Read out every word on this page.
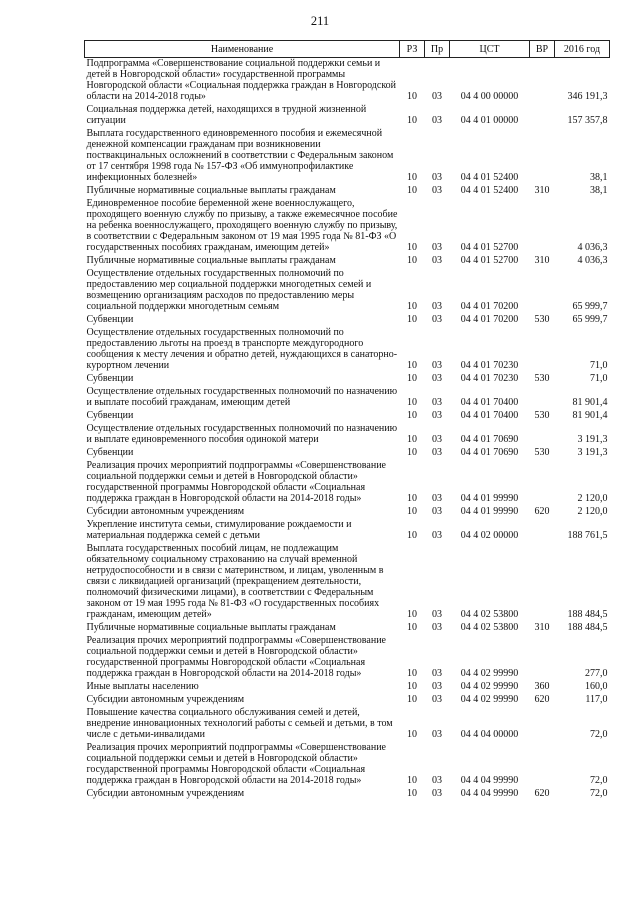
211
Наименование	РЗ	Пр	ЦСТ	ВР	2016 год
Подпрограмма «Совершенствование социальной поддержки семьи и детей в Новгородской области» государственной программы Новгородской области «Социальная поддержка граждан в Новгородской области на 2014-2018 годы»	10	03	04 4 00 00000		346 191,3
Социальная поддержка детей, находящихся в трудной жизненной ситуации	10	03	04 4 01 00000		157 357,8
Выплата государственного единовременного пособия и ежемесячной денежной компенсации гражданам при возникновении поствакцинальных осложнений в соответствии с Федеральным законом от 17 сентября 1998 года № 157-ФЗ «Об иммунопрофилактике инфекционных болезней»	10	03	04 4 01 52400		38,1
Публичные нормативные социальные выплаты гражданам	10	03	04 4 01 52400	310	38,1
Единовременное пособие беременной жене военнослужащего, проходящего военную службу по призыву, а также ежемесячное пособие на ребенка военнослужащего, проходящего военную службу по призыву, в соответствии с Федеральным законом от 19 мая 1995 года № 81-ФЗ «О государственных пособиях гражданам, имеющим детей»	10	03	04 4 01 52700		4 036,3
Публичные нормативные социальные выплаты гражданам	10	03	04 4 01 52700	310	4 036,3
Осуществление отдельных государственных полномочий по предоставлению мер социальной поддержки многодетных семей и возмещению организациям расходов по предоставлению меры социальной поддержки многодетным семьям	10	03	04 4 01 70200		65 999,7
Субвенции	10	03	04 4 01 70200	530	65 999,7
Осуществление отдельных государственных полномочий по предоставлению льготы на проезд в транспорте междугородного сообщения к месту лечения и обратно детей, нуждающихся в санаторно-курортном лечении	10	03	04 4 01 70230		71,0
Субвенции	10	03	04 4 01 70230	530	71,0
Осуществление отдельных государственных полномочий по назначению и выплате пособий гражданам, имеющим детей	10	03	04 4 01 70400		81 901,4
Субвенции	10	03	04 4 01 70400	530	81 901,4
Осуществление отдельных государственных полномочий по назначению и выплате единовременного пособия одинокой матери	10	03	04 4 01 70690		3 191,3
Субвенции	10	03	04 4 01 70690	530	3 191,3
Реализация прочих мероприятий подпрограммы «Совершенствование социальной поддержки семьи и детей в Новгородской области» государственной программы Новгородской области «Социальная поддержка граждан в Новгородской области на 2014-2018 годы»	10	03	04 4 01 99990		2 120,0
Субсидии автономным учреждениям	10	03	04 4 01 99990	620	2 120,0
Укрепление института семьи, стимулирование рождаемости и материальная поддержка семей с детьми	10	03	04 4 02 00000		188 761,5
Выплата государственных пособий лицам, не подлежащим обязательному социальному страхованию на случай временной нетрудоспособности и в связи с материнством, и лицам, уволенным в связи с ликвидацией организаций (прекращением деятельности, полномочий физическими лицами), в соответствии с Федеральным законом от 19 мая 1995 года № 81-ФЗ «О государственных пособиях гражданам, имеющим детей»	10	03	04 4 02 53800		188 484,5
Публичные нормативные социальные выплаты гражданам	10	03	04 4 02 53800	310	188 484,5
Реализация прочих мероприятий подпрограммы «Совершенствование социальной поддержки семьи и детей в Новгородской области» государственной программы Новгородской области «Социальная поддержка граждан в Новгородской области на 2014-2018 годы»	10	03	04 4 02 99990		277,0
Иные выплаты населению	10	03	04 4 02 99990	360	160,0
Субсидии автономным учреждениям	10	03	04 4 02 99990	620	117,0
Повышение качества социального обслуживания семей и детей, внедрение инновационных технологий работы с семьей и детьми, в том числе с детьми-инвалидами	10	03	04 4 04 00000		72,0
Реализация прочих мероприятий подпрограммы «Совершенствование социальной поддержки семьи и детей в Новгородской области» государственной программы Новгородской области «Социальная поддержка граждан в Новгородской области на 2014-2018 годы»	10	03	04 4 04 99990		72,0
Субсидии автономным учреждениям	10	03	04 4 04 99990	620	72,0
